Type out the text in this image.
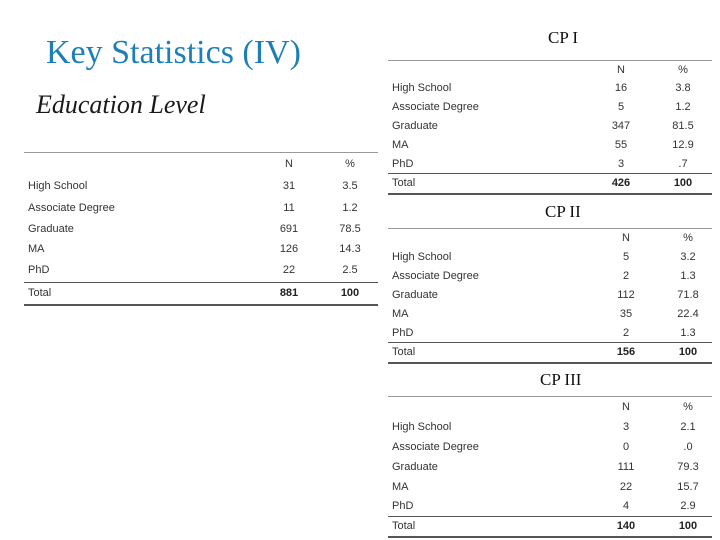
Key Statistics (IV)
Education Level
	N	%
High School	31	3.5
Associate Degree	11	1.2
Graduate	691	78.5
MA	126	14.3
PhD	22	2.5
Total	881	100
CP I
	N	%
High School	16	3.8
Associate Degree	5	1.2
Graduate	347	81.5
MA	55	12.9
PhD	3	.7
Total	426	100
CP II
	N	%
High School	5	3.2
Associate Degree	2	1.3
Graduate	112	71.8
MA	35	22.4
PhD	2	1.3
Total	156	100
CP III
	N	%
High School	3	2.1
Associate Degree	0	.0
Graduate	111	79.3
MA	22	15.7
PhD	4	2.9
Total	140	100
